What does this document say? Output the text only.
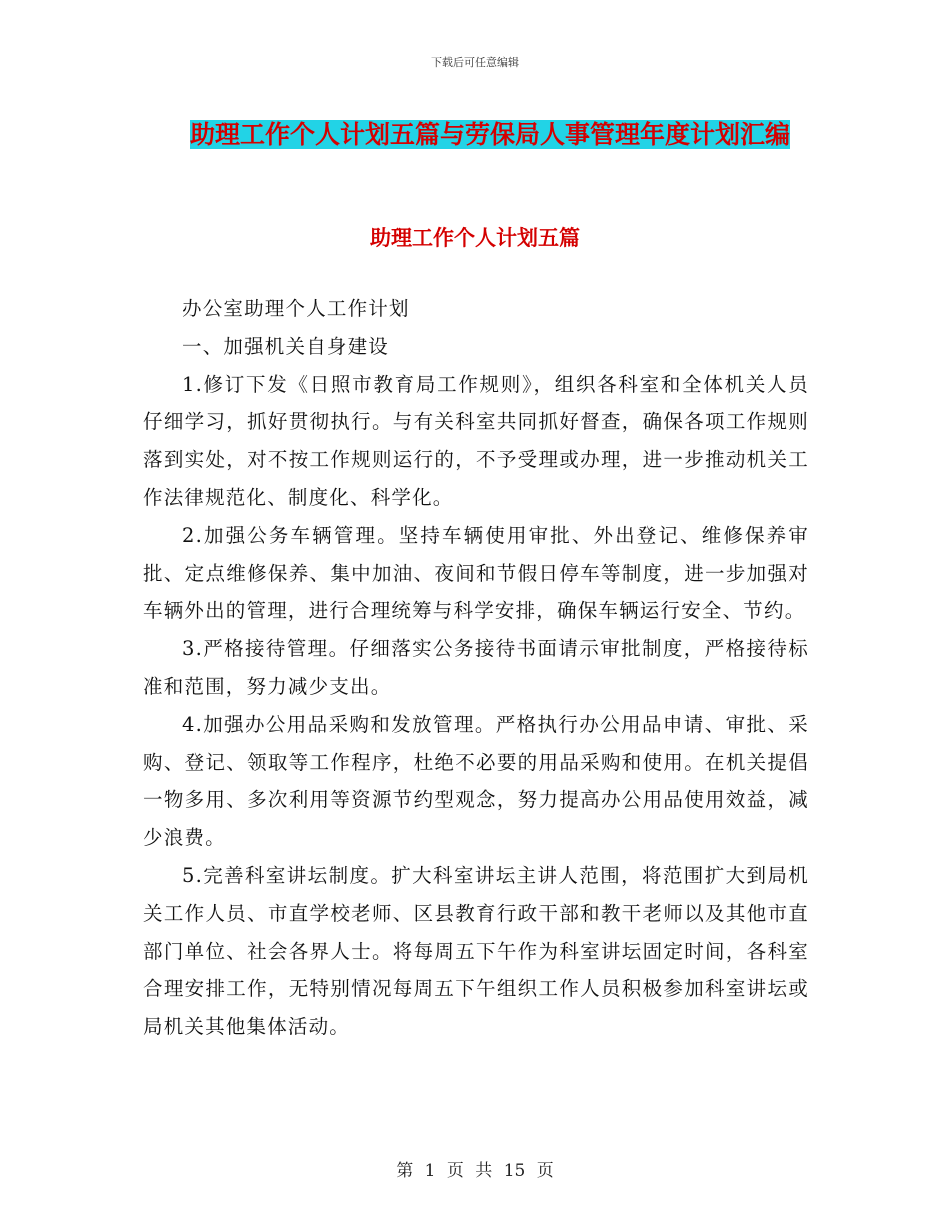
下载后可任意编辑
助理工作个人计划五篇与劳保局人事管理年度计划汇编
助理工作个人计划五篇

办公室助理个人工作计划

一、加强机关自身建设

1.修订下发《日照市教育局工作规则》，组织各科室和全体机关人员仔细学习，抓好贯彻执行。与有关科室共同抓好督查，确保各项工作规则落到实处，对不按工作规则运行的，不予受理或办理，进一步推动机关工作法律规范化、制度化、科学化。

2.加强公务车辆管理。坚持车辆使用审批、外出登记、维修保养审批、定点维修保养、集中加油、夜间和节假日停车等制度，进一步加强对车辆外出的管理，进行合理统筹与科学安排，确保车辆运行安全、节约。

3.严格接待管理。仔细落实公务接待书面请示审批制度，严格接待标准和范围，努力减少支出。

4.加强办公用品采购和发放管理。严格执行办公用品申请、审批、采购、登记、领取等工作程序，杜绝不必要的用品采购和使用。在机关提倡一物多用、多次利用等资源节约型观念，努力提高办公用品使用效益，减少浪费。

5.完善科室讲坛制度。扩大科室讲坛主讲人范围，将范围扩大到局机关工作人员、市直学校老师、区县教育行政干部和教干老师以及其他市直部门单位、社会各界人士。将每周五下午作为科室讲坛固定时间，各科室合理安排工作，无特别情况每周五下午组织工作人员积极参加科室讲坛或局机关其他集体活动。

第 1 页 共 15 页
